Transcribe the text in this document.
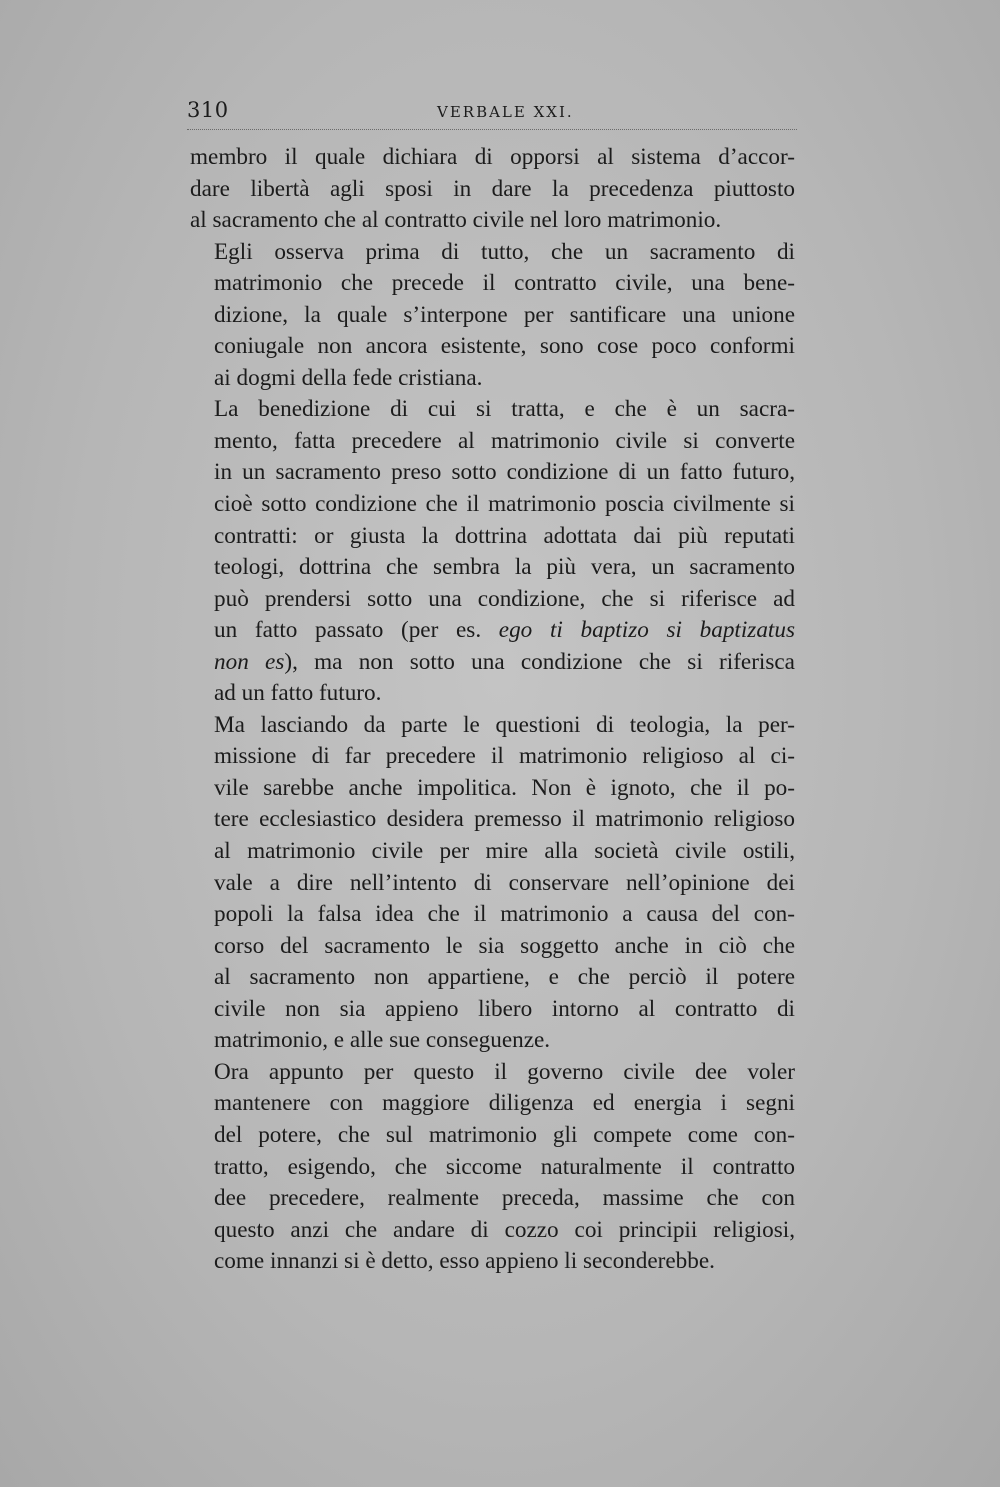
310	VERBALE XXI.

membro il quale dichiara di opporsi al sistema d’accor-
dare libertà agli sposi in dare la precedenza piuttosto
al sacramento che al contratto civile nel loro matrimonio.

Egli osserva prima di tutto, che un sacramento di
matrimonio che precede il contratto civile, una bene-
dizione, la quale s’interpone per santificare una unione
coniugale non ancora esistente, sono cose poco conformi
ai dogmi della fede cristiana.

La benedizione di cui si tratta, e che è un sacra-
mento, fatta precedere al matrimonio civile si converte
in un sacramento preso sotto condizione di un fatto futuro,
cioè sotto condizione che il matrimonio poscia civilmente si
contratti: or giusta la dottrina adottata dai più reputati
teologi, dottrina che sembra la più vera, un sacramento
può prendersi sotto una condizione, che si riferisce ad
un fatto passato (per es. ego ti baptizo si baptizatus
non es), ma non sotto una condizione che si riferisca
ad un fatto futuro.

Ma lasciando da parte le questioni di teologia, la per-
missione di far precedere il matrimonio religioso al ci-
vile sarebbe anche impolitica. Non è ignoto, che il po-
tere ecclesiastico desidera premesso il matrimonio religioso
al matrimonio civile per mire alla società civile ostili,
vale a dire nell’intento di conservare nell’opinione dei
popoli la falsa idea che il matrimonio a causa del con-
corso del sacramento le sia soggetto anche in ciò che
al sacramento non appartiene, e che perciò il potere
civile non sia appieno libero intorno al contratto di
matrimonio, e alle sue conseguenze.

Ora appunto per questo il governo civile dee voler
mantenere con maggiore diligenza ed energia i segni
del potere, che sul matrimonio gli compete come con-
tratto, esigendo, che siccome naturalmente il contratto
dee precedere, realmente preceda, massime che con
questo anzi che andare di cozzo coi principii religiosi,
come innanzi si è detto, esso appieno li seconderebbe.
